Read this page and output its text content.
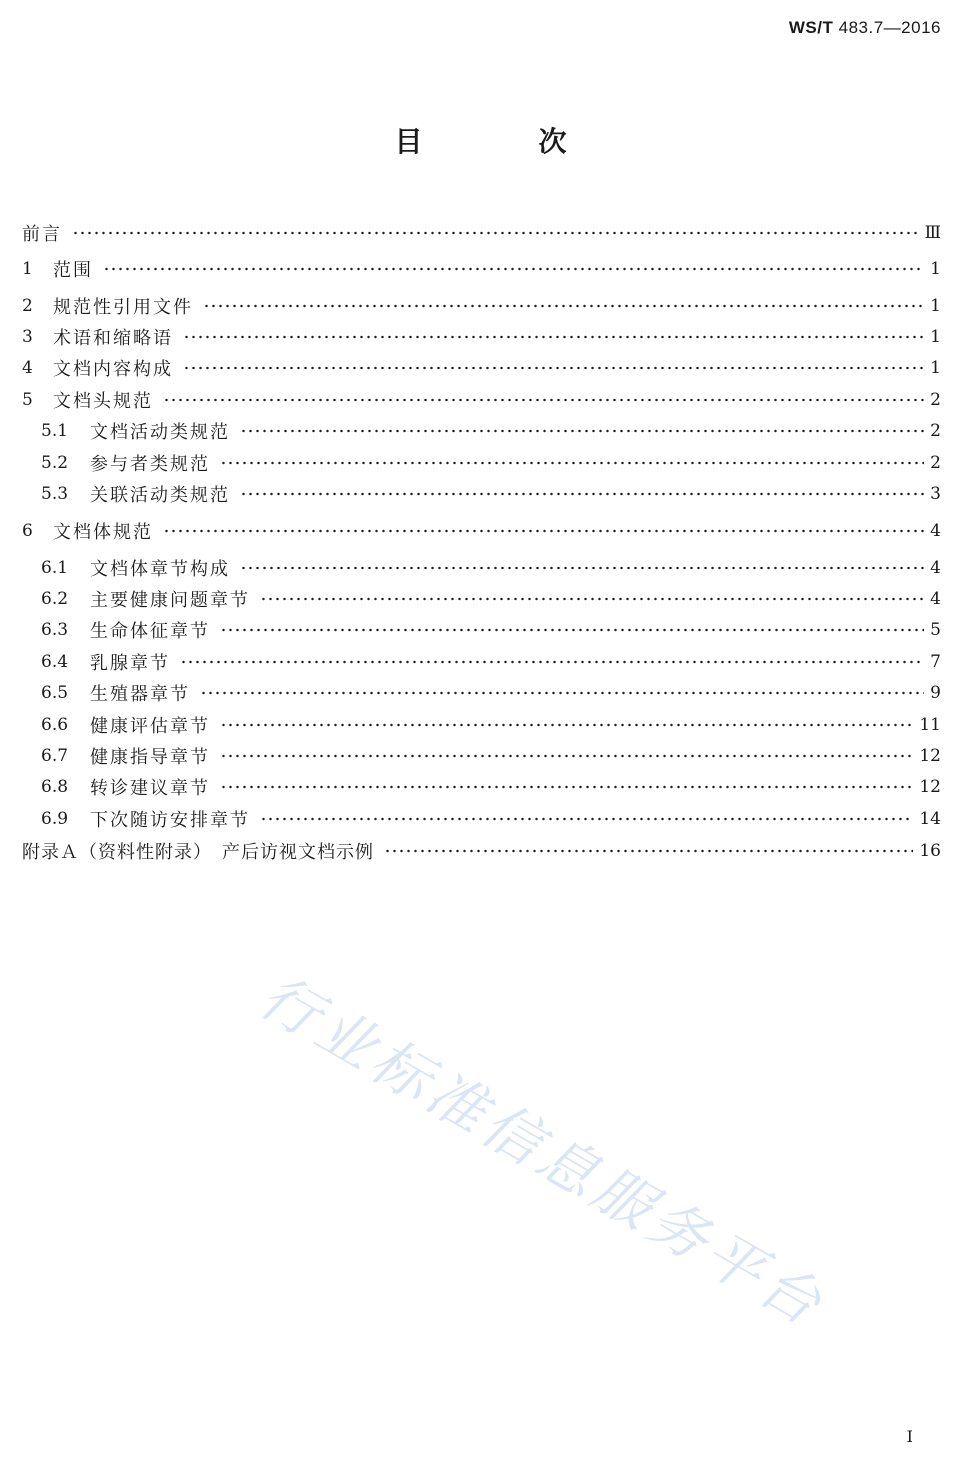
WS/T 483.7—2016
目　次
行业标准信息服务平台
前言	Ⅲ
1	范围	1
2	规范性引用文件	1
3	术语和缩略语	1
4	文档内容构成	1
5	文档头规范	2
5.1	文档活动类规范	2
5.2	参与者类规范	2
5.3	关联活动类规范	3
6	文档体规范	4
6.1	文档体章节构成	4
6.2	主要健康问题章节	4
6.3	生命体征章节	5
6.4	乳腺章节	7
6.5	生殖器章节	9
6.6	健康评估章节	11
6.7	健康指导章节	12
6.8	转诊建议章节	12
6.9	下次随访安排章节	14
附录Ａ（资料性附录）　产后访视文档示例	16
Ⅰ
